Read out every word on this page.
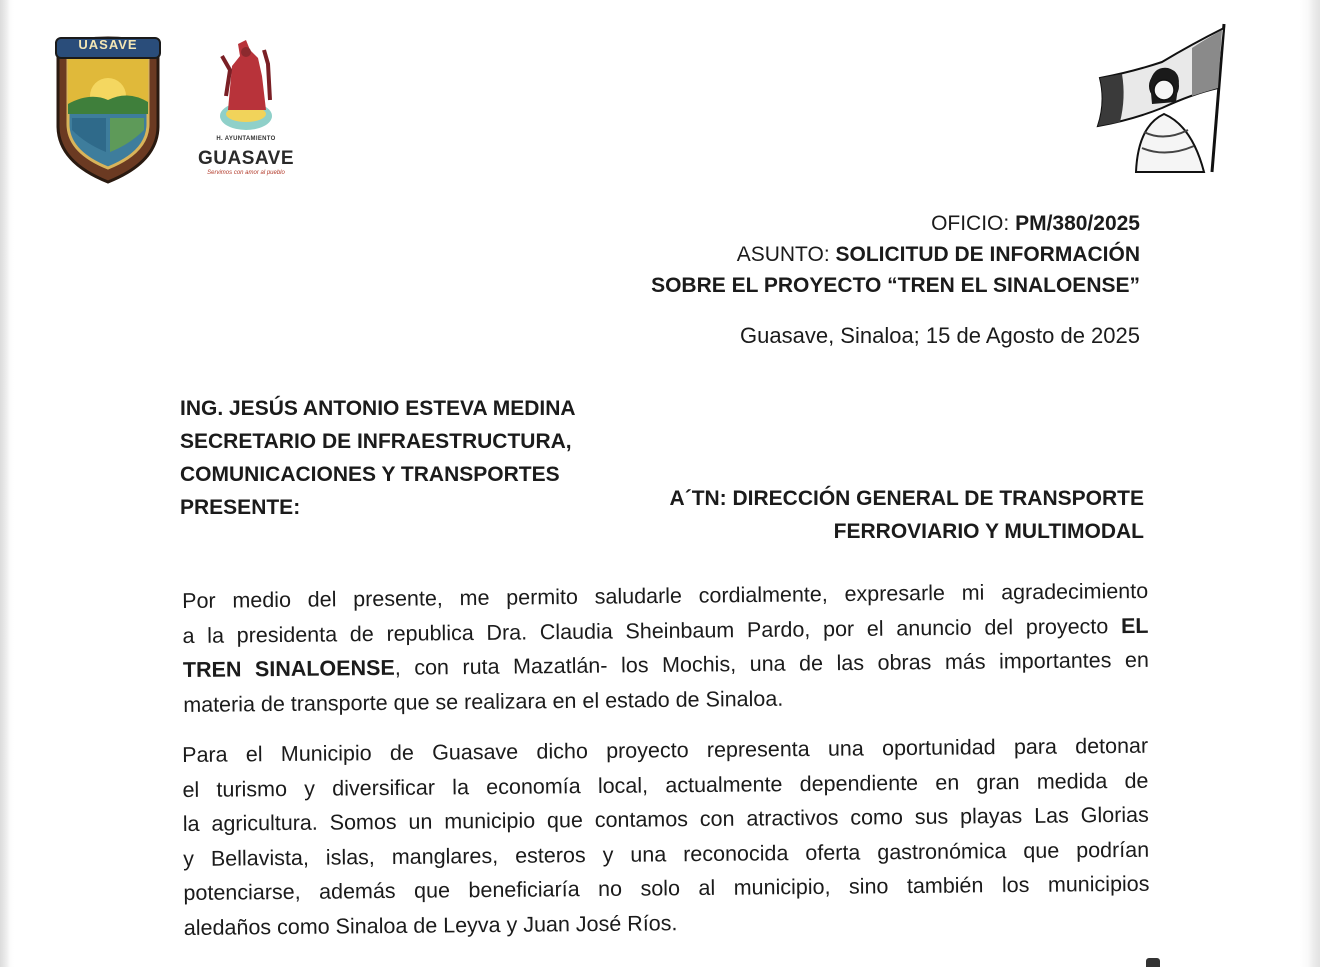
UASAVE
H. AYUNTAMIENTO
GUASAVE
Servimos con amor al pueblo
OFICIO: PM/380/2025
ASUNTO: SOLICITUD DE INFORMACIÓN
SOBRE EL PROYECTO “TREN EL SINALOENSE”
Guasave, Sinaloa; 15 de Agosto de 2025
ING. JESÚS ANTONIO ESTEVA MEDINA
SECRETARIO DE INFRAESTRUCTURA,
COMUNICACIONES Y TRANSPORTES
PRESENTE:	A´TN: DIRECCIÓN GENERAL DE TRANSPORTE
FERROVIARIO Y MULTIMODAL
Por medio del presente, me permito saludarle cordialmente, expresarle mi agradecimiento
a la presidenta de republica Dra. Claudia Sheinbaum Pardo, por el anuncio del proyecto EL
TREN SINALOENSE, con ruta Mazatlán- los Mochis, una de las obras más importantes en
materia de transporte que se realizara en el estado de Sinaloa.
Para el Municipio de Guasave dicho proyecto representa una oportunidad para detonar
el turismo y diversificar la economía local, actualmente dependiente en gran medida de
la agricultura. Somos un municipio que contamos con atractivos como sus playas Las Glorias
y Bellavista, islas, manglares, esteros y una reconocida oferta gastronómica que podrían
potenciarse, además que beneficiaría no solo al municipio, sino también los municipios
aledaños como Sinaloa de Leyva y Juan José Ríos.
